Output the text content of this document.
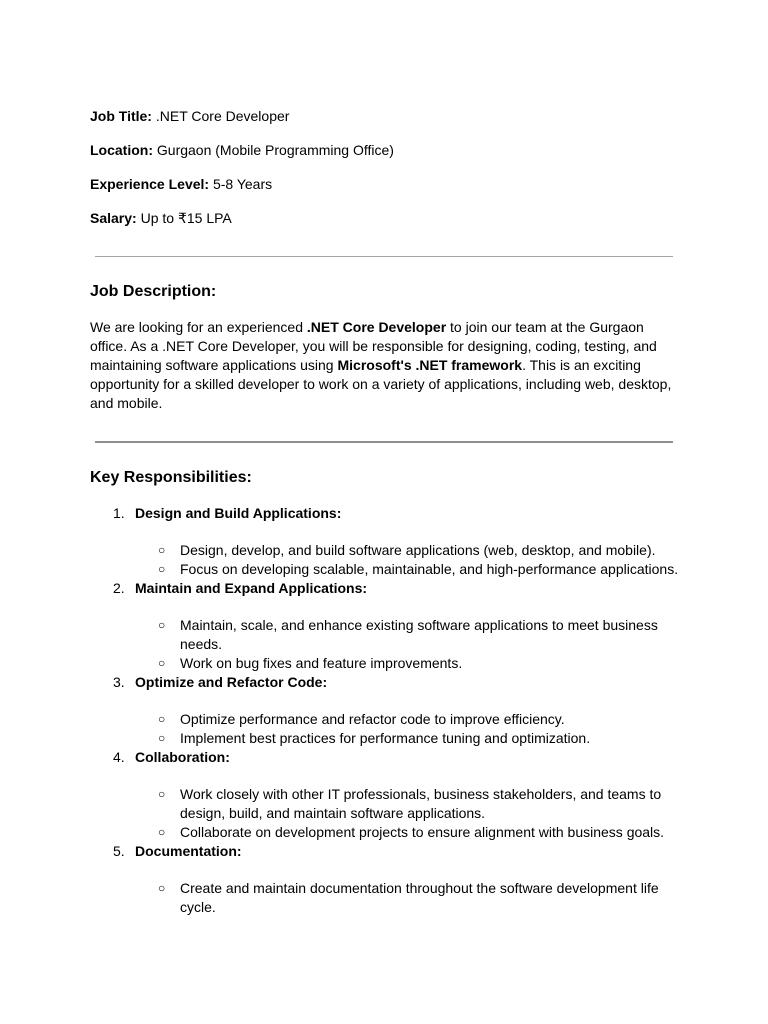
Job Title: .NET Core Developer

Location: Gurgaon (Mobile Programming Office)

Experience Level: 5-8 Years

Salary: Up to ₹15 LPA

Job Description:

We are looking for an experienced .NET Core Developer to join our team at the Gurgaon office. As a .NET Core Developer, you will be responsible for designing, coding, testing, and maintaining software applications using Microsoft's .NET framework. This is an exciting opportunity for a skilled developer to work on a variety of applications, including web, desktop, and mobile.

Key Responsibilities:
1. Design and Build Applications:
○ Design, develop, and build software applications (web, desktop, and mobile).
○ Focus on developing scalable, maintainable, and high-performance applications.
2. Maintain and Expand Applications:
○ Maintain, scale, and enhance existing software applications to meet business needs.
○ Work on bug fixes and feature improvements.
3. Optimize and Refactor Code:
○ Optimize performance and refactor code to improve efficiency.
○ Implement best practices for performance tuning and optimization.
4. Collaboration:
○ Work closely with other IT professionals, business stakeholders, and teams to design, build, and maintain software applications.
○ Collaborate on development projects to ensure alignment with business goals.
5. Documentation:
○ Create and maintain documentation throughout the software development life cycle.
